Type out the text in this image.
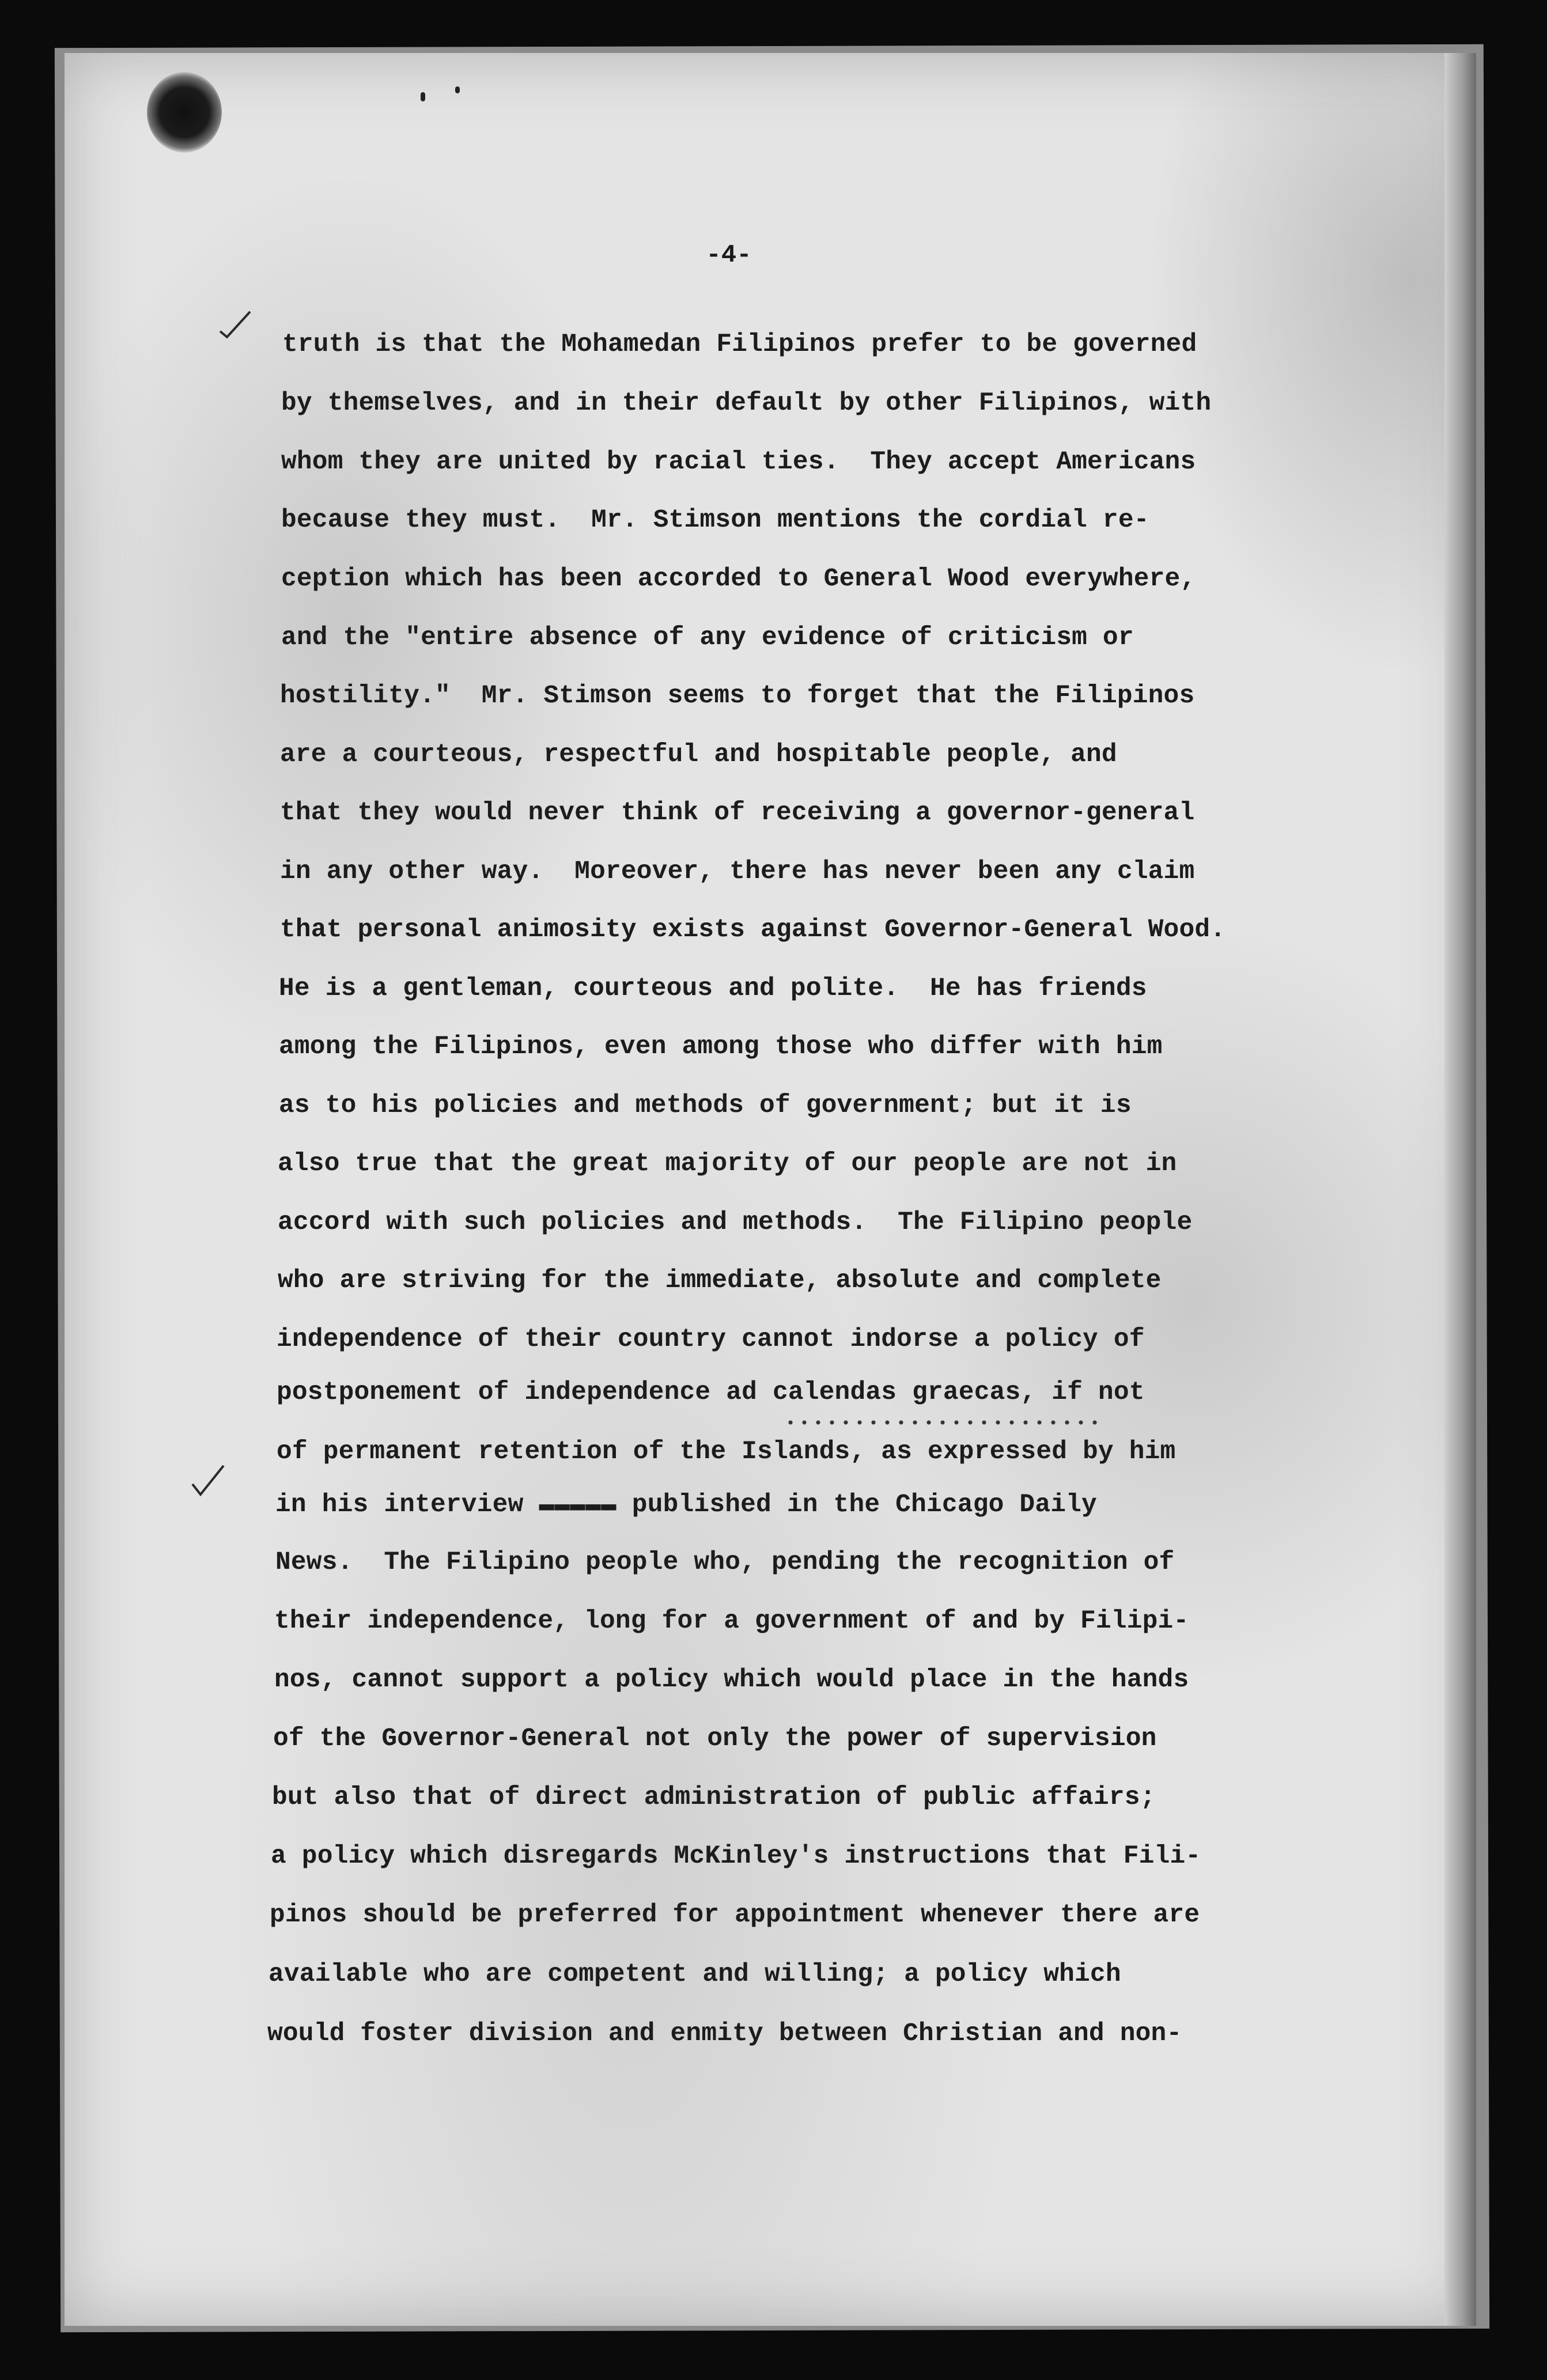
-4-
truth is that the Mohamedan Filipinos prefer to be governed
by themselves, and in their default by other Filipinos, with
whom they are united by racial ties.  They accept Americans
because they must.  Mr. Stimson mentions the cordial re-
ception which has been accorded to General Wood everywhere,
and the "entire absence of any evidence of criticism or
hostility."  Mr. Stimson seems to forget that the Filipinos
are a courteous, respectful and hospitable people, and
that they would never think of receiving a governor-general
in any other way.  Moreover, there has never been any claim
that personal animosity exists against Governor-General Wood.
He is a gentleman, courteous and polite.  He has friends
among the Filipinos, even among those who differ with him
as to his policies and methods of government; but it is
also true that the great majority of our people are not in
accord with such policies and methods.  The Filipino people
who are striving for the immediate, absolute and complete
independence of their country cannot indorse a policy of
postponement of independence ad calendas graecas, if not
of permanent retention of the Islands, as expressed by him
in his interview ▬▬▬▬▬ published in the Chicago Daily
News.  The Filipino people who, pending the recognition of
their independence, long for a government of and by Filipi-
nos, cannot support a policy which would place in the hands
of the Governor-General not only the power of supervision
but also that of direct administration of public affairs;
a policy which disregards McKinley's instructions that Fili-
pinos should be preferred for appointment whenever there are
available who are competent and willing; a policy which
would foster division and enmity between Christian and non-
